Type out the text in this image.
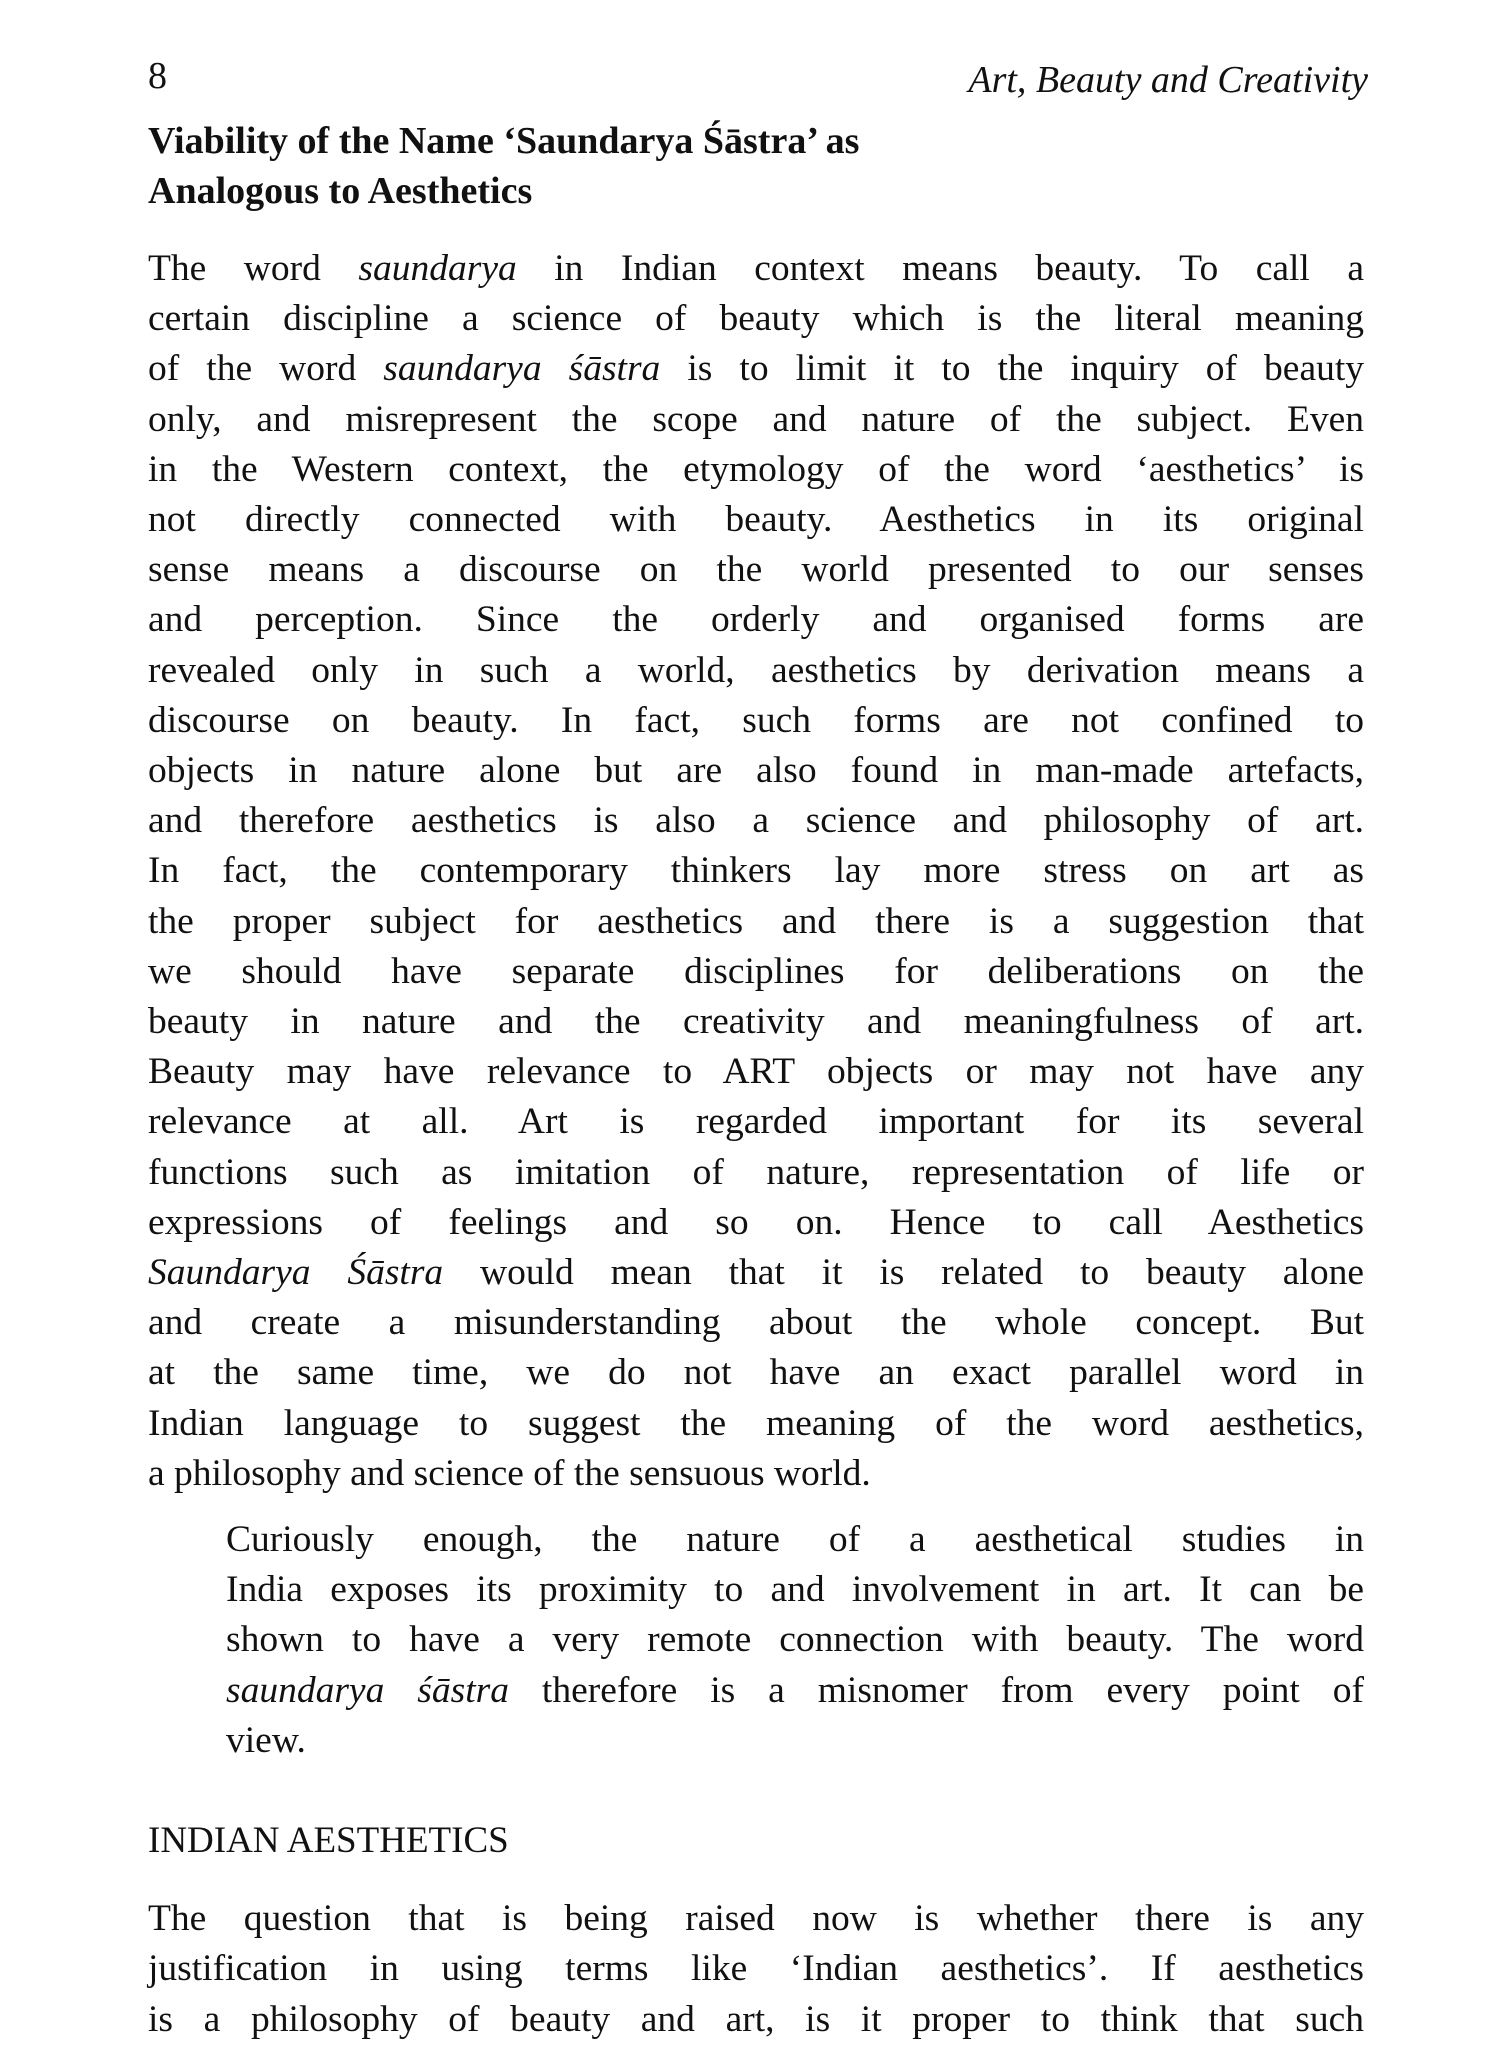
8	Art, Beauty and Creativity
Viability of the Name ‘Saundarya Śāstra’ as
Analogous to Aesthetics

The word saundarya in Indian context means beauty. To call a
certain discipline a science of beauty which is the literal meaning
of the word saundarya śāstra is to limit it to the inquiry of beauty
only, and misrepresent the scope and nature of the subject. Even
in the Western context, the etymology of the word ‘aesthetics’ is
not directly connected with beauty. Aesthetics in its original
sense means a discourse on the world presented to our senses
and perception. Since the orderly and organised forms are
revealed only in such a world, aesthetics by derivation means a
discourse on beauty. In fact, such forms are not confined to
objects in nature alone but are also found in man-made artefacts,
and therefore aesthetics is also a science and philosophy of art.
In fact, the contemporary thinkers lay more stress on art as
the proper subject for aesthetics and there is a suggestion that
we should have separate disciplines for deliberations on the
beauty in nature and the creativity and meaningfulness of art.
Beauty may have relevance to ART objects or may not have any
relevance at all. Art is regarded important for its several
functions such as imitation of nature, representation of life or
expressions of feelings and so on. Hence to call Aesthetics
Saundarya Śāstra would mean that it is related to beauty alone
and create a misunderstanding about the whole concept. But
at the same time, we do not have an exact parallel word in
Indian language to suggest the meaning of the word aesthetics,
a philosophy and science of the sensuous world.

Curiously enough, the nature of a aesthetical studies in
India exposes its proximity to and involvement in art. It can be
shown to have a very remote connection with beauty. The word
saundarya śāstra therefore is a misnomer from every point of
view.

INDIAN AESTHETICS

The question that is being raised now is whether there is any
justification in using terms like ‘Indian aesthetics’. If aesthetics
is a philosophy of beauty and art, is it proper to think that such
